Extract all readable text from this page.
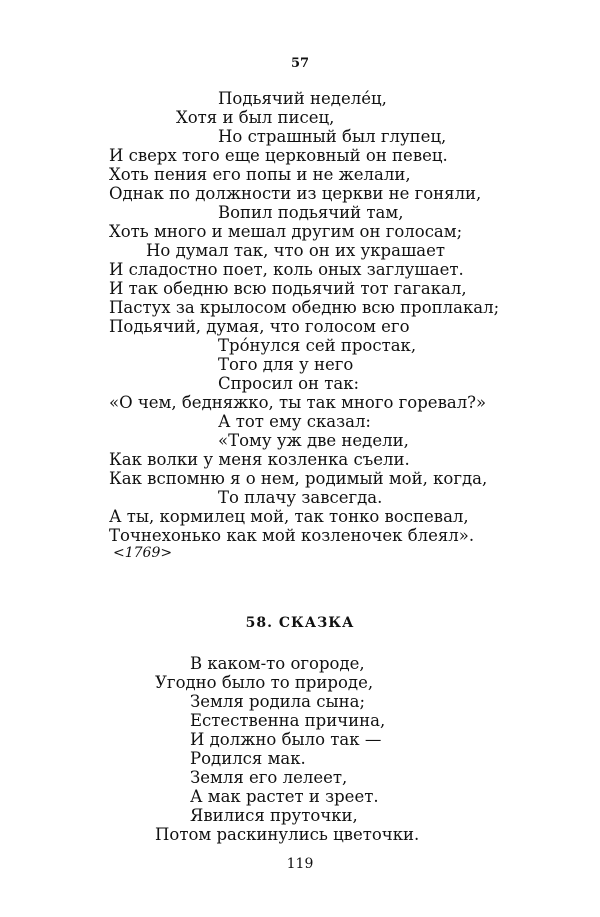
57
Подьячий неделе́ц,
Хотя и был писец,
Но страшный был глупец,
И сверх того еще церковный он певец.
Хоть пения его попы и не желали,
Однак по должности из церкви не гоняли,
Вопил подьячий там,
Хоть много и мешал другим он голосам;
Но думал так, что он их украшает
И сладостно поет, коль оных заглушает.
И так обедню всю подьячий тот гагакал,
Пастух за крылосом обедню всю проплакал;
Подьячий, думая, что голосом его
Тро́нулся сей простак,
Того для у него
Спросил он так:
«О чем, бедняжко, ты так много горевал?»
А тот ему сказал:
«Тому уж две недели,
Как волки у меня козленка съели.
Как вспомню я о нем, родимый мой, когда,
То плачу завсегда.
А ты, кормилец мой, так тонко воспевал,
Точнехонько как мой козленочек блеял».
<1769>
58. СКАЗКА
В каком-то огороде,
Угодно было то природе,
Земля родила сына;
Естественна причина,
И должно было так —
Родился мак.
Земля его лелеет,
А мак растет и зреет.
Явилися пруточки,
Потом раскинулись цветочки.
119
